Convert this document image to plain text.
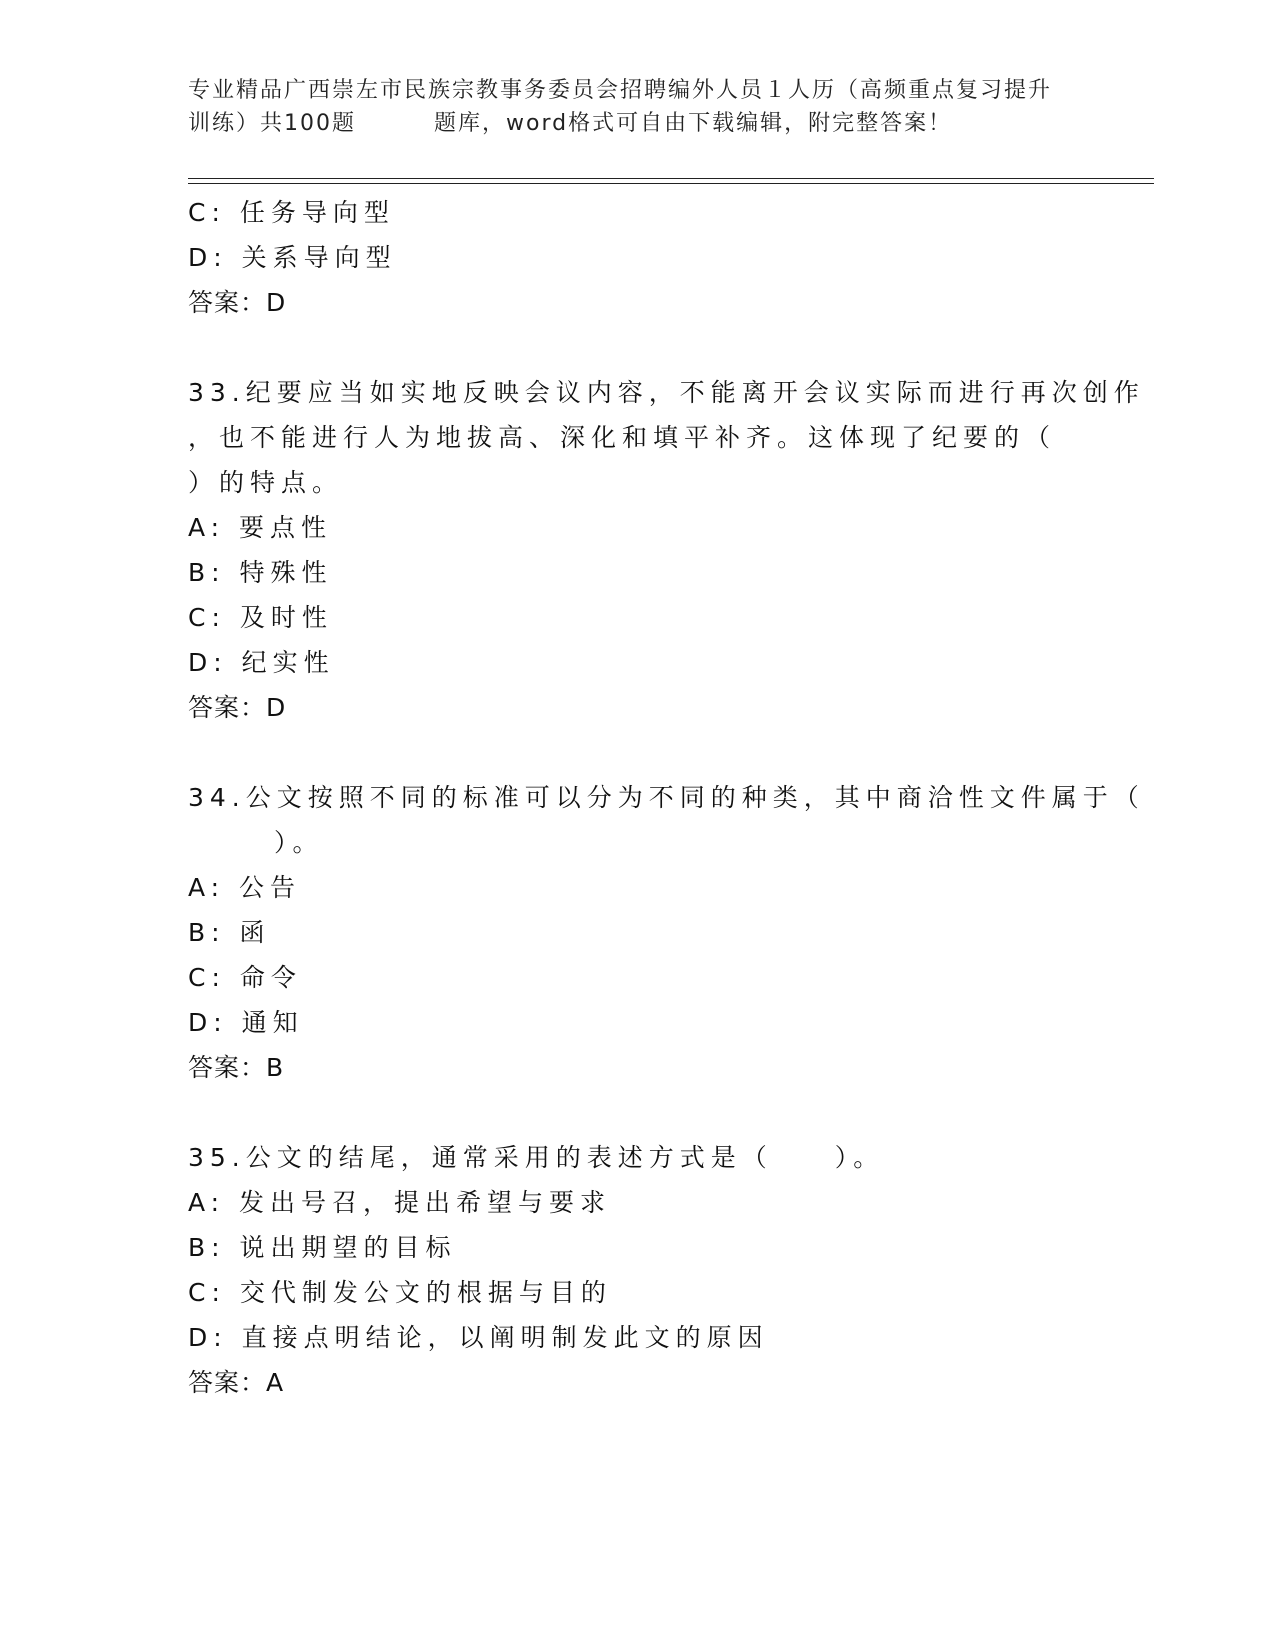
专业精品广西崇左市民族宗教事务委员会招聘编外人员１人历（高频重点复习提升
训练）共100题	题库，word格式可自由下载编辑，附完整答案！
C: 任务导向型
D: 关系导向型
答案：D
33.纪要应当如实地反映会议内容，不能离开会议实际而进行再次创作
，也不能进行人为地拔高、深化和填平补齐。这体现了纪要的（
）的特点。
A: 要点性
B: 特殊性
C: 及时性
D: 纪实性
答案：D
34.公文按照不同的标准可以分为不同的种类，其中商洽性文件属于（
）。
A: 公告
B: 函
C: 命令
D: 通知
答案：B
35.公文的结尾，通常采用的表述方式是（　　）。
A: 发出号召，提出希望与要求
B: 说出期望的目标
C: 交代制发公文的根据与目的
D: 直接点明结论，以阐明制发此文的原因
答案：A
